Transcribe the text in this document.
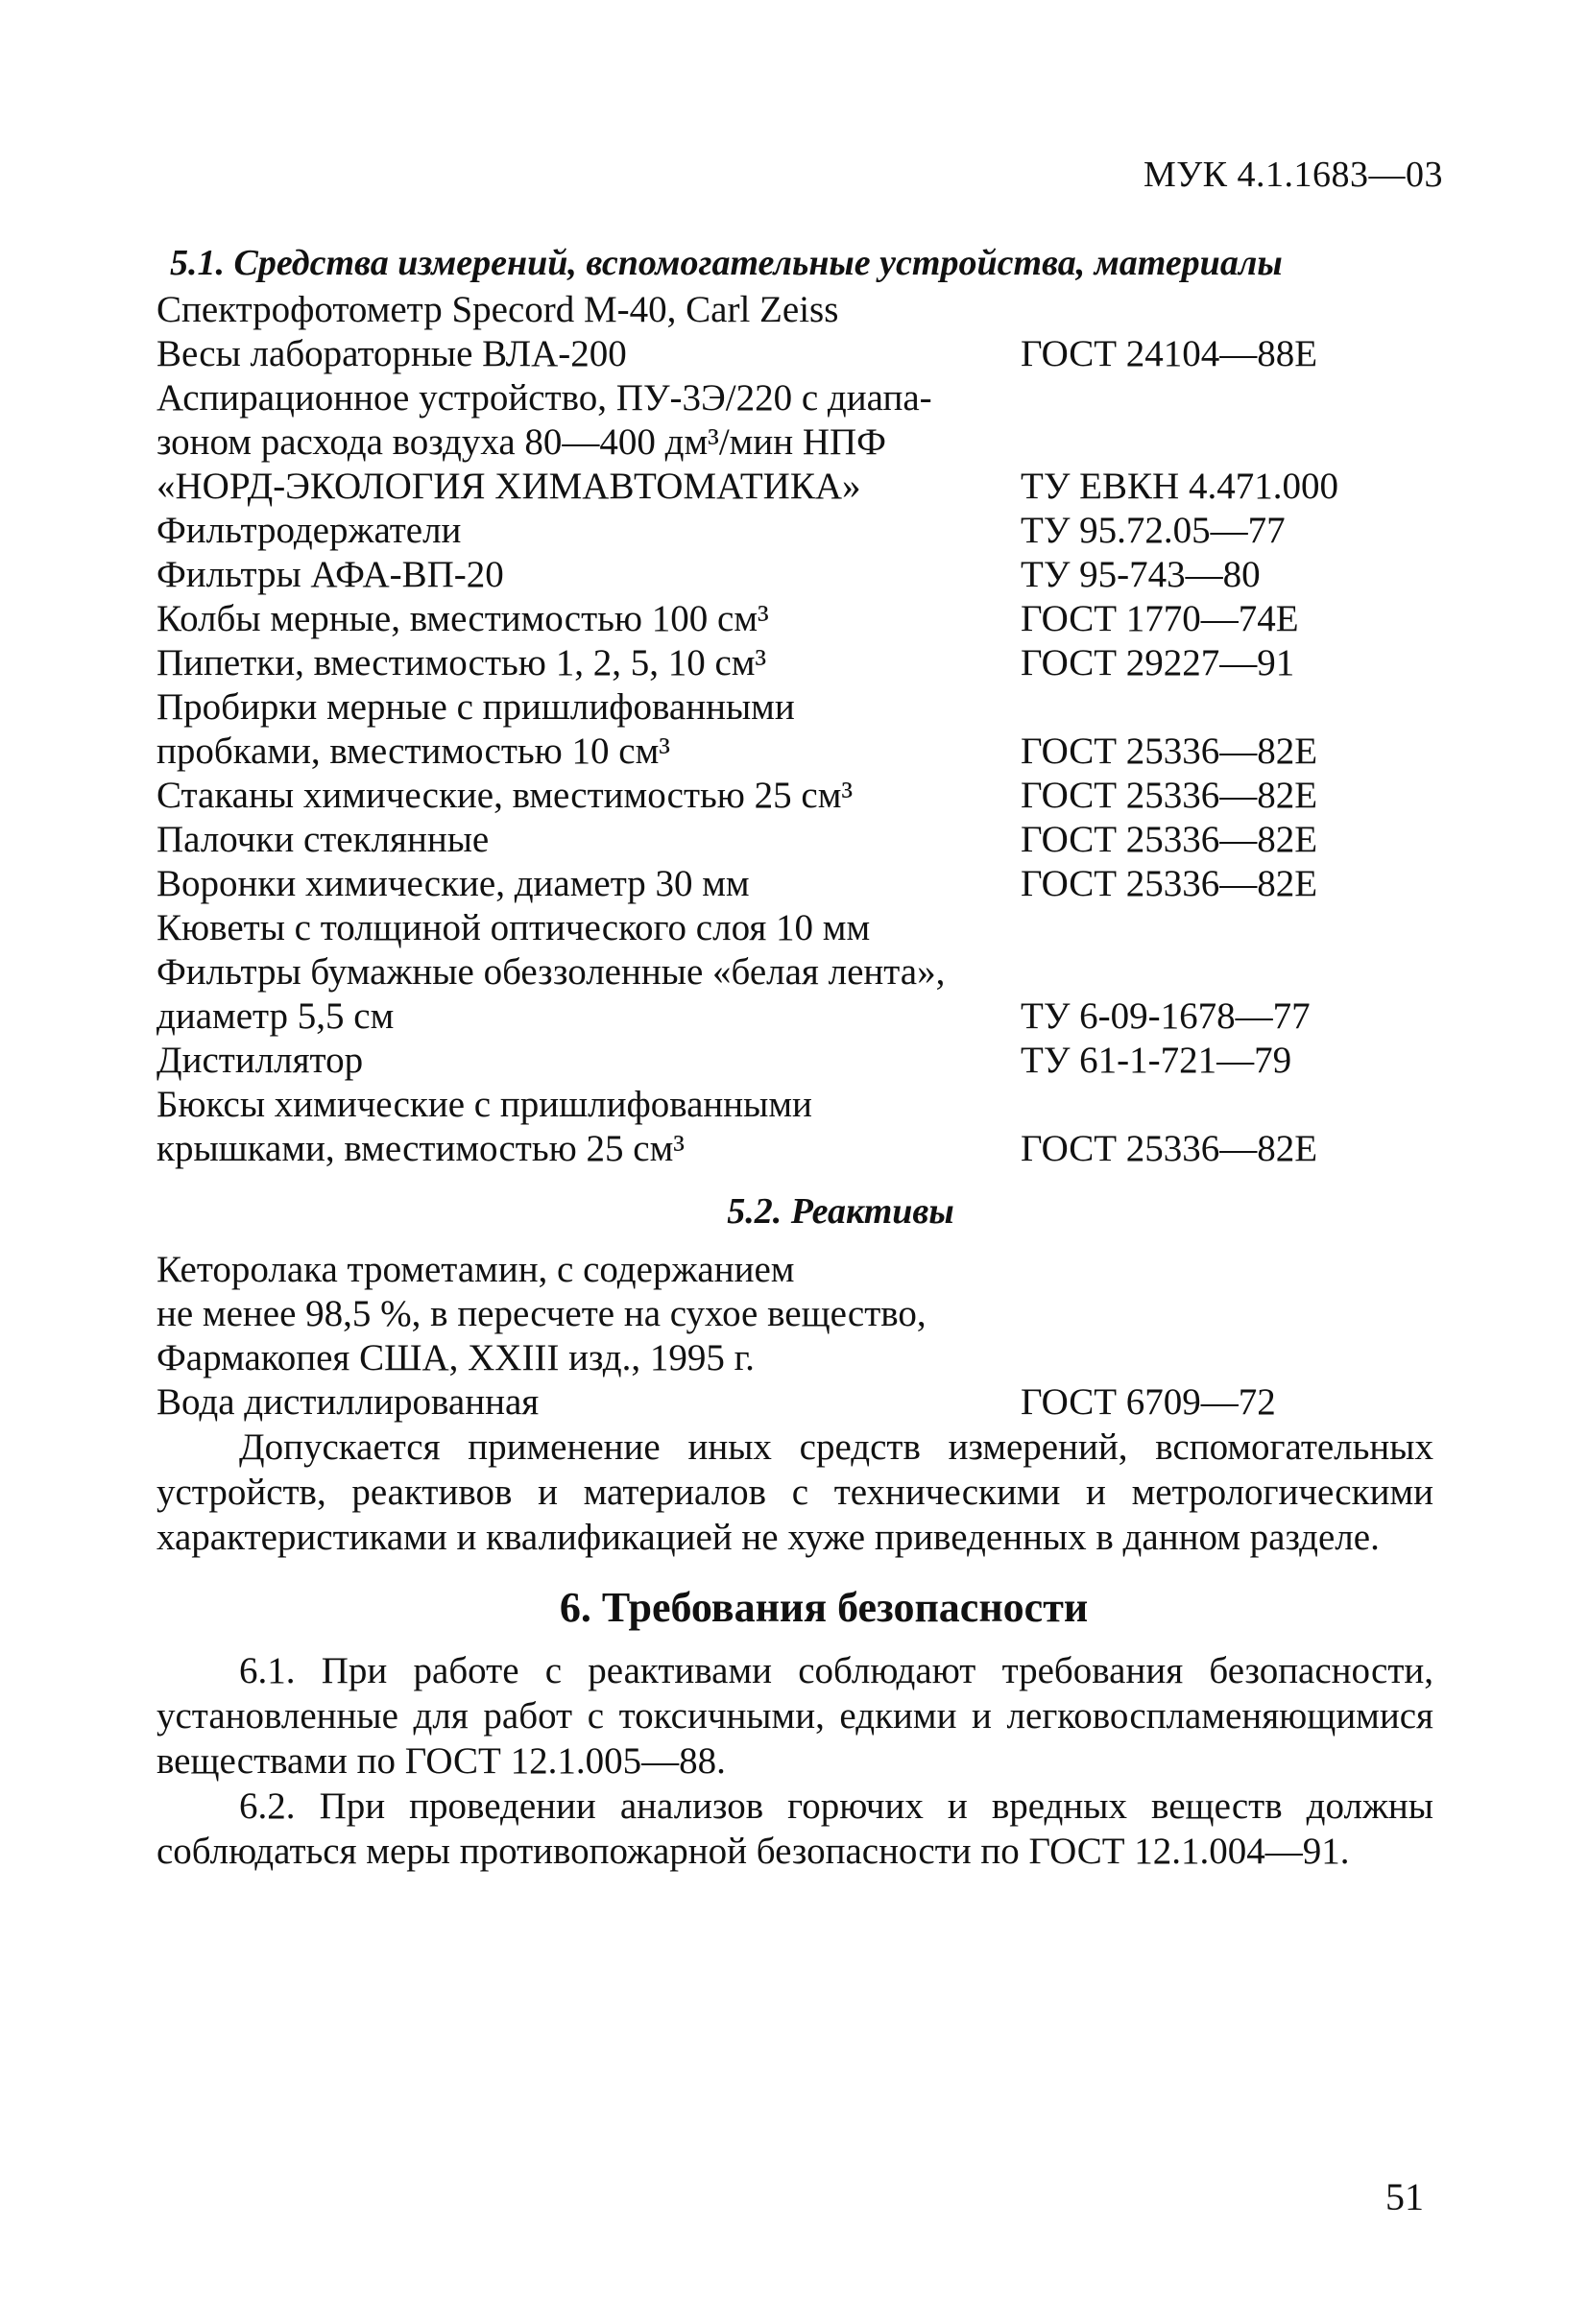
МУК 4.1.1683—03
5.1. Средства измерений, вспомогательные устройства, материалы
Спектрофотометр Specord M-40, Carl Zeiss
Весы лабораторные ВЛА-200	ГОСТ 24104—88Е
Аспирационное устройство, ПУ-3Э/220 с диапа-
зоном расхода воздуха 80—400 дм³/мин НПФ
«НОРД-ЭКОЛОГИЯ ХИМАВТОМАТИКА»	ТУ ЕВКН 4.471.000
Фильтродержатели	ТУ 95.72.05—77
Фильтры АФА-ВП-20	ТУ 95-743—80
Колбы мерные, вместимостью 100 см³	ГОСТ 1770—74Е
Пипетки, вместимостью 1, 2, 5, 10 см³	ГОСТ 29227—91
Пробирки мерные с пришлифованными
пробками, вместимостью 10 см³	ГОСТ 25336—82Е
Стаканы химические, вместимостью 25 см³	ГОСТ 25336—82Е
Палочки стеклянные	ГОСТ 25336—82Е
Воронки химические, диаметр 30 мм	ГОСТ 25336—82Е
Кюветы с толщиной оптического слоя 10 мм
Фильтры бумажные обеззоленные «белая лента»,
диаметр 5,5 см	ТУ 6-09-1678—77
Дистиллятор	ТУ 61-1-721—79
Бюксы химические с пришлифованными
крышками, вместимостью 25 см³	ГОСТ 25336—82Е
5.2. Реактивы
Кеторолака трометамин, с содержанием
не менее 98,5 %, в пересчете на сухое вещество,
Фармакопея США, XXIII изд., 1995 г.
Вода дистиллированная	ГОСТ 6709—72

Допускается применение иных средств измерений, вспомогательных устройств, реактивов и материалов с техническими и метрологическими характеристиками и квалификацией не хуже приведенных в данном разделе.

6. Требования безопасности

6.1. При работе с реактивами соблюдают требования безопасности, установленные для работ с токсичными, едкими и легковоспламеняющимися веществами по ГОСТ 12.1.005—88.

6.2. При проведении анализов горючих и вредных веществ должны соблюдаться меры противопожарной безопасности по ГОСТ 12.1.004—91.

51
